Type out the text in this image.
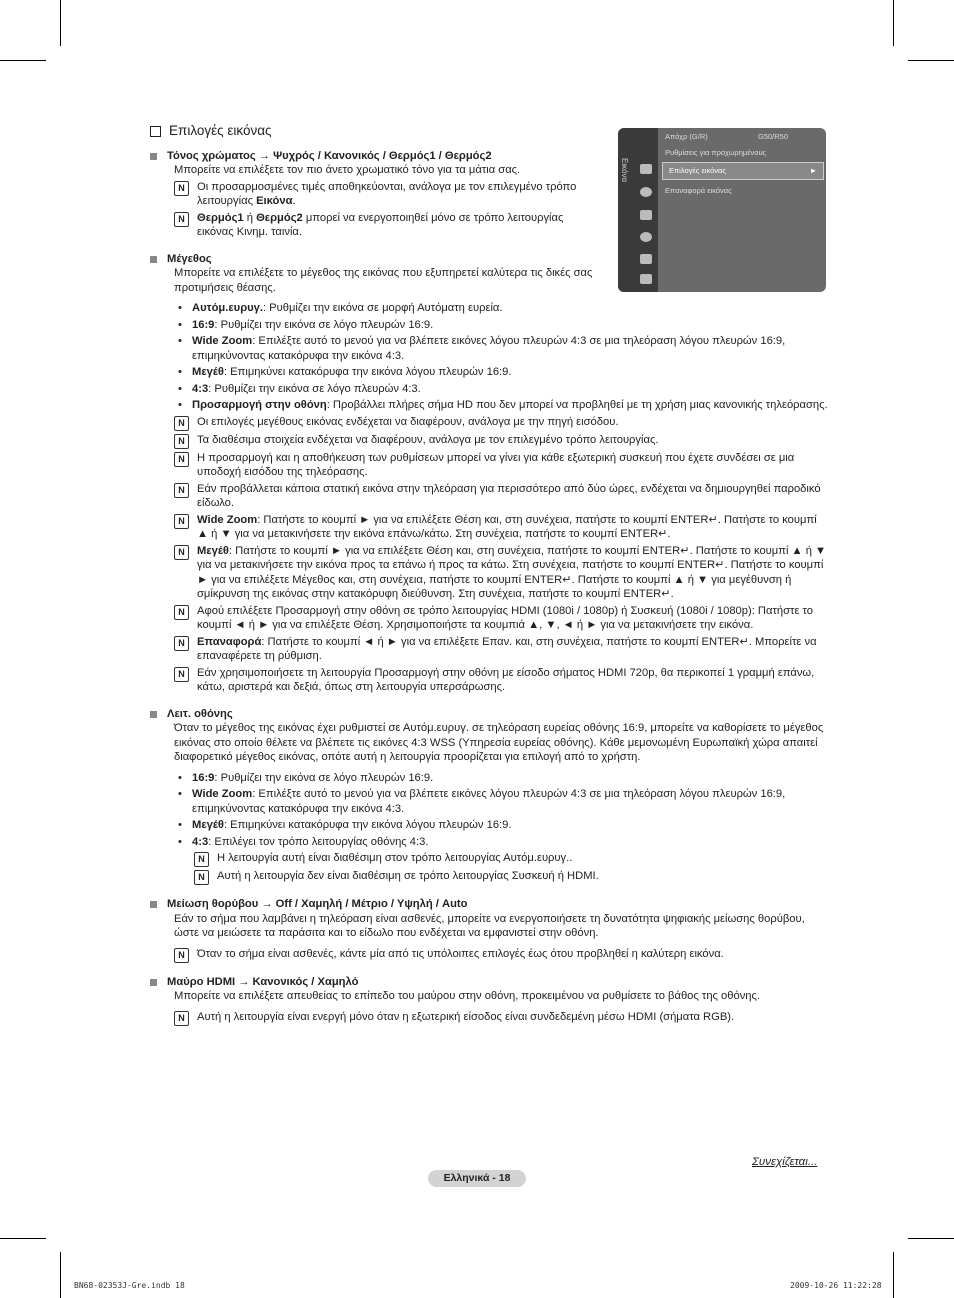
Εικόνα
Απόχρ (G/R)	G50/R50
Ρυθμίσεις για προχωρημένους
Επιλογές εικόνας	►
Επαναφορά εικόνας
Επιλογές εικόνας
Τόνος χρώματος → Ψυχρός / Κανονικός / Θερμός1 / Θερμός2
Μπορείτε να επιλέξετε τον πιο άνετο χρωματικό τόνο για τα μάτια σας.
N	Οι προσαρμοσμένες τιμές αποθηκεύονται, ανάλογα με τον επιλεγμένο τρόπο λειτουργίας Εικόνα.
N	Θερμός1 ή Θερμός2 μπορεί να ενεργοποιηθεί μόνο σε τρόπο λειτουργίας εικόνας Κινημ. ταινία.
Μέγεθος
Μπορείτε να επιλέξετε το μέγεθος της εικόνας που εξυπηρετεί καλύτερα τις δικές σας προτιμήσεις θέασης.
• Αυτόμ.ευρυγ.: Ρυθμίζει την εικόνα σε μορφή Αυτόματη ευρεία.
• 16:9: Ρυθμίζει την εικόνα σε λόγο πλευρών 16:9.
• Wide Zoom: Επιλέξτε αυτό το μενού για να βλέπετε εικόνες λόγου πλευρών 4:3 σε μια τηλεόραση λόγου πλευρών 16:9, επιμηκύνοντας κατακόρυφα την εικόνα 4:3.
• Μεγέθ: Επιμηκύνει κατακόρυφα την εικόνα λόγου πλευρών 16:9.
• 4:3: Ρυθμίζει την εικόνα σε λόγο πλευρών 4:3.
• Προσαρμογή στην οθόνη: Προβάλλει πλήρες σήμα HD που δεν μπορεί να προβληθεί με τη χρήση μιας κανονικής τηλεόρασης.
N	Οι επιλογές μεγέθους εικόνας ενδέχεται να διαφέρουν, ανάλογα με την πηγή εισόδου.
N	Τα διαθέσιμα στοιχεία ενδέχεται να διαφέρουν, ανάλογα με τον επιλεγμένο τρόπο λειτουργίας.
N	Η προσαρμογή και η αποθήκευση των ρυθμίσεων μπορεί να γίνει για κάθε εξωτερική συσκευή που έχετε συνδέσει σε μια υποδοχή εισόδου της τηλεόρασης.
N	Εάν προβάλλεται κάποια στατική εικόνα στην τηλεόραση για περισσότερο από δύο ώρες, ενδέχεται να δημιουργηθεί παροδικό είδωλο.
N	Wide Zoom: Πατήστε το κουμπί ► για να επιλέξετε Θέση και, στη συνέχεια, πατήστε το κουμπί ENTER↵. Πατήστε το κουμπί ▲ ή ▼ για να μετακινήσετε την εικόνα επάνω/κάτω. Στη συνέχεια, πατήστε το κουμπί ENTER↵.
N	Μεγέθ: Πατήστε το κουμπί ► για να επιλέξετε Θέση και, στη συνέχεια, πατήστε το κουμπί ENTER↵. Πατήστε το κουμπί ▲ ή ▼ για να μετακινήσετε την εικόνα προς τα επάνω ή προς τα κάτω. Στη συνέχεια, πατήστε το κουμπί ENTER↵. Πατήστε το κουμπί ► για να επιλέξετε Μέγεθος και, στη συνέχεια, πατήστε το κουμπί ENTER↵. Πατήστε το κουμπί ▲ ή ▼ για μεγέθυνση ή σμίκρυνση της εικόνας στην κατακόρυφη διεύθυνση. Στη συνέχεια, πατήστε το κουμπί ENTER↵.
N	Αφού επιλέξετε Προσαρμογή στην οθόνη σε τρόπο λειτουργίας HDMI (1080i / 1080p) ή Συσκευή (1080i / 1080p): Πατήστε το κουμπί ◄ ή ► για να επιλέξετε Θέση. Χρησιμοποιήστε τα κουμπιά ▲, ▼, ◄ ή ► για να μετακινήσετε την εικόνα.
N	Επαναφορά: Πατήστε το κουμπί ◄ ή ► για να επιλέξετε Επαν. και, στη συνέχεια, πατήστε το κουμπί ENTER↵. Μπορείτε να επαναφέρετε τη ρύθμιση.
N	Εάν χρησιμοποιήσετε τη λειτουργία Προσαρμογή στην οθόνη με είσοδο σήματος HDMI 720p, θα περικοπεί 1 γραμμή επάνω, κάτω, αριστερά και δεξιά, όπως στη λειτουργία υπερσάρωσης.
Λειτ. οθόνης
Όταν το μέγεθος της εικόνας έχει ρυθμιστεί σε Αυτόμ.ευρυγ. σε τηλεόραση ευρείας οθόνης 16:9, μπορείτε να καθορίσετε το μέγεθος εικόνας στο οποίο θέλετε να βλέπετε τις εικόνες 4:3 WSS (Υπηρεσία ευρείας οθόνης). Κάθε μεμονωμένη Ευρωπαϊκή χώρα απαιτεί διαφορετικό μέγεθος εικόνας, οπότε αυτή η λειτουργία προορίζεται για επιλογή από το χρήστη.
• 16:9: Ρυθμίζει την εικόνα σε λόγο πλευρών 16:9.
• Wide Zoom: Επιλέξτε αυτό το μενού για να βλέπετε εικόνες λόγου πλευρών 4:3 σε μια τηλεόραση λόγου πλευρών 16:9, επιμηκύνοντας κατακόρυφα την εικόνα 4:3.
• Μεγέθ: Επιμηκύνει κατακόρυφα την εικόνα λόγου πλευρών 16:9.
• 4:3: Επιλέγει τον τρόπο λειτουργίας οθόνης 4:3.
N	Η λειτουργία αυτή είναι διαθέσιμη στον τρόπο λειτουργίας Αυτόμ.ευρυγ..
N	Αυτή η λειτουργία δεν είναι διαθέσιμη σε τρόπο λειτουργίας Συσκευή ή HDMI.
Μείωση θορύβου → Off / Χαμηλή / Μέτριο / Υψηλή / Auto
Εάν το σήμα που λαμβάνει η τηλεόραση είναι ασθενές, μπορείτε να ενεργοποιήσετε τη δυνατότητα ψηφιακής μείωσης θορύβου, ώστε να μειώσετε τα παράσιτα και το είδωλο που ενδέχεται να εμφανιστεί στην οθόνη.
N	Όταν το σήμα είναι ασθενές, κάντε μία από τις υπόλοιπες επιλογές έως ότου προβληθεί η καλύτερη εικόνα.
Μαύρο HDMI → Κανονικός / Χαμηλό
Μπορείτε να επιλέξετε απευθείας το επίπεδο του μαύρου στην οθόνη, προκειμένου να ρυθμίσετε το βάθος της οθόνης.
N	Αυτή η λειτουργία είναι ενεργή μόνο όταν η εξωτερική είσοδος είναι συνδεδεμένη μέσω HDMI (σήματα RGB).
Συνεχίζεται...
Ελληνικά - 18
BN68-02353J-Gre.indb 18	2009-10-26 11:22:28
